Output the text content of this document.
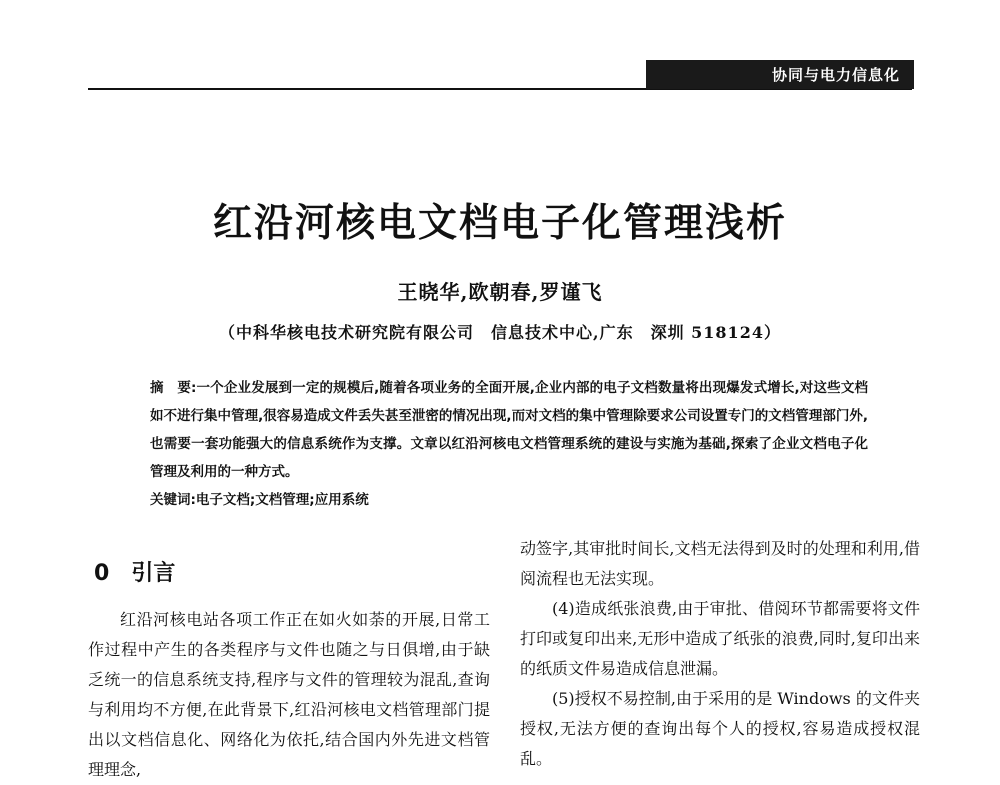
协同与电力信息化
红沿河核电文档电子化管理浅析
王晓华,欧朝春,罗谨飞
（中科华核电技术研究院有限公司　信息技术中心,广东　深圳 518124）

摘　要:一个企业发展到一定的规模后,随着各项业务的全面开展,企业内部的电子文档数量将出现爆发式增长,对这些文档如不进行集中管理,很容易造成文件丢失甚至泄密的情况出现,而对文档的集中管理除要求公司设置专门的文档管理部门外,也需要一套功能强大的信息系统作为支撑。文章以红沿河核电文档管理系统的建设与实施为基础,探索了企业文档电子化管理及利用的一种方式。

关键词:电子文档;文档管理;应用系统

0 引言

红沿河核电站各项工作正在如火如荼的开展,日常工作过程中产生的各类程序与文件也随之与日俱增,由于缺乏统一的信息系统支持,程序与文件的管理较为混乱,查询与利用均不方便,在此背景下,红沿河核电文档管理部门提出以文档信息化、网络化为依托,结合国内外先进文档管理理念,

动签字,其审批时间长,文档无法得到及时的处理和利用,借阅流程也无法实现。

(4)造成纸张浪费,由于审批、借阅环节都需要将文件打印或复印出来,无形中造成了纸张的浪费,同时,复印出来的纸质文件易造成信息泄漏。

(5)授权不易控制,由于采用的是 Windows 的文件夹授权,无法方便的查询出每个人的授权,容易造成授权混乱。
